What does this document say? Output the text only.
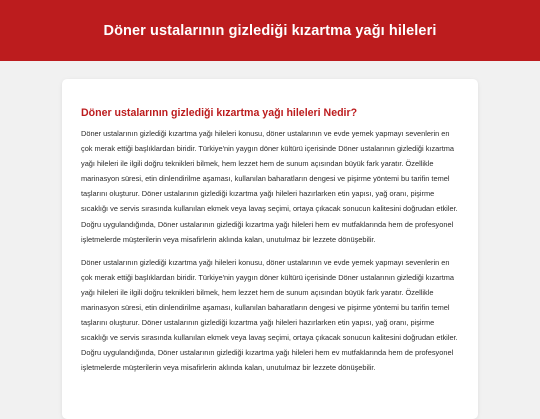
Döner ustalarının gizlediği kızartma yağı hileleri
Döner ustalarının gizlediği kızartma yağı hileleri Nedir?

Döner ustalarının gizlediği kızartma yağı hileleri konusu, döner ustalarının ve evde yemek yapmayı sevenlerin en çok merak ettiği başlıklardan biridir. Türkiye'nin yaygın döner kültürü içerisinde Döner ustalarının gizlediği kızartma yağı hileleri ile ilgili doğru teknikleri bilmek, hem lezzet hem de sunum açısından büyük fark yaratır. Özellikle marinasyon süresi, etin dinlendirilme aşaması, kullanılan baharatların dengesi ve pişirme yöntemi bu tarifin temel taşlarını oluşturur. Döner ustalarının gizlediği kızartma yağı hileleri hazırlarken etin yapısı, yağ oranı, pişirme sıcaklığı ve servis sırasında kullanılan ekmek veya lavaş seçimi, ortaya çıkacak sonucun kalitesini doğrudan etkiler. Doğru uygulandığında, Döner ustalarının gizlediği kızartma yağı hileleri hem ev mutfaklarında hem de profesyonel işletmelerde müşterilerin veya misafirlerin aklında kalan, unutulmaz bir lezzete dönüşebilir.

Döner ustalarının gizlediği kızartma yağı hileleri konusu, döner ustalarının ve evde yemek yapmayı sevenlerin en çok merak ettiği başlıklardan biridir. Türkiye'nin yaygın döner kültürü içerisinde Döner ustalarının gizlediği kızartma yağı hileleri ile ilgili doğru teknikleri bilmek, hem lezzet hem de sunum açısından büyük fark yaratır. Özellikle marinasyon süresi, etin dinlendirilme aşaması, kullanılan baharatların dengesi ve pişirme yöntemi bu tarifin temel taşlarını oluşturur. Döner ustalarının gizlediği kızartma yağı hileleri hazırlarken etin yapısı, yağ oranı, pişirme sıcaklığı ve servis sırasında kullanılan ekmek veya lavaş seçimi, ortaya çıkacak sonucun kalitesini doğrudan etkiler. Doğru uygulandığında, Döner ustalarının gizlediği kızartma yağı hileleri hem ev mutfaklarında hem de profesyonel işletmelerde müşterilerin veya misafirlerin aklında kalan, unutulmaz bir lezzete dönüşebilir.
